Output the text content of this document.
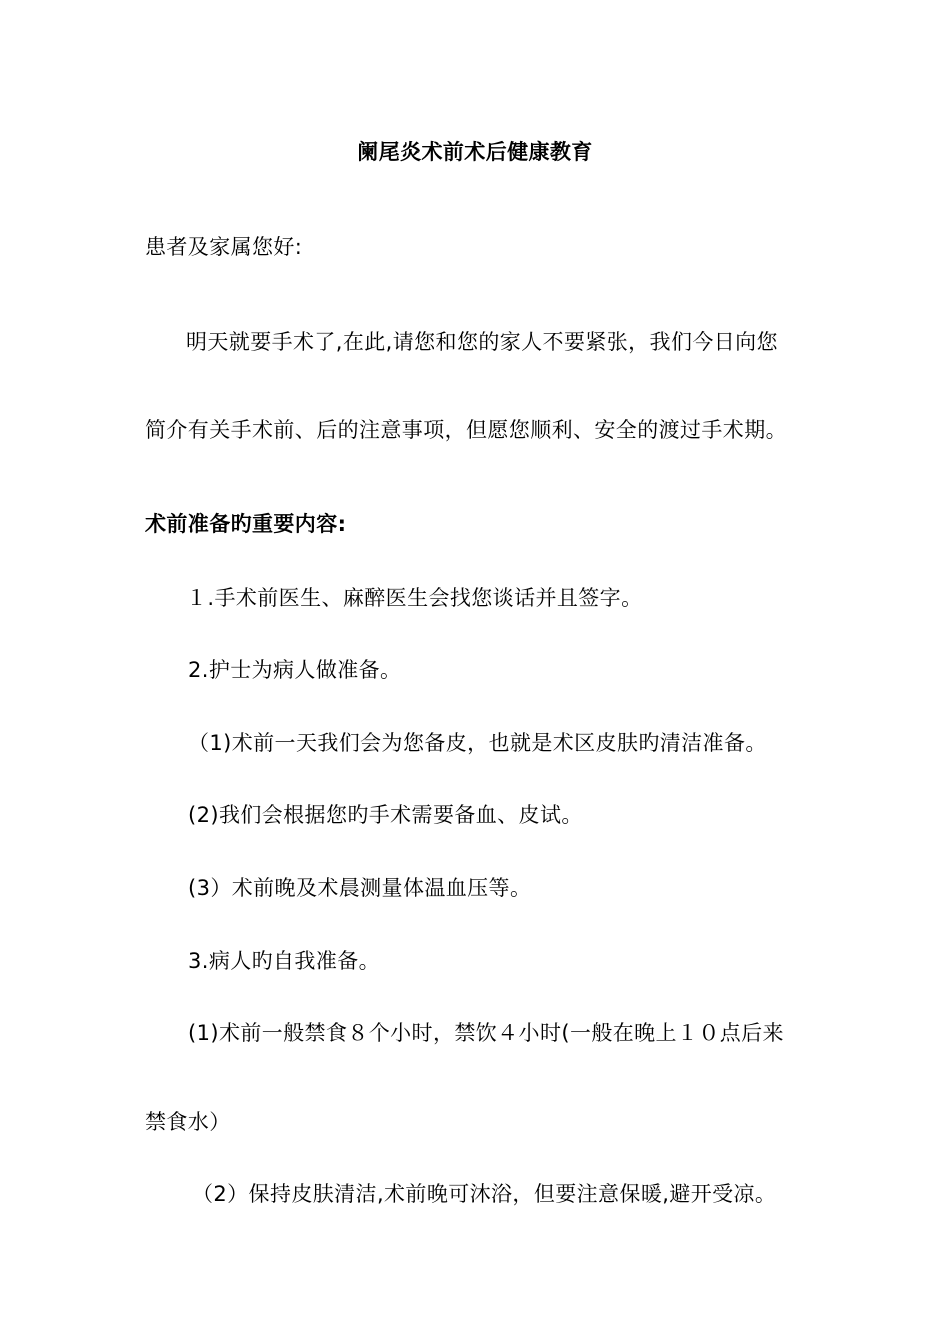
阑尾炎术前术后健康教育
患者及家属您好:
明天就要手术了,在此,请您和您的家人不要紧张，我们今日向您
简介有关手术前、后的注意事项，但愿您顺利、安全的渡过手术期。
术前准备旳重要内容:
１.手术前医生、麻醉医生会找您谈话并且签字。
2.护士为病人做准备。
（1)术前一天我们会为您备皮，也就是术区皮肤旳清洁准备。
(2)我们会根据您旳手术需要备血、皮试。
(3）术前晚及术晨测量体温血压等。
3.病人旳自我准备。
(1)术前一般禁食８个小时，禁饮４小时(一般在晚上１０点后来
禁食水）
（2）保持皮肤清洁,术前晚可沐浴，但要注意保暖,避开受凉。
